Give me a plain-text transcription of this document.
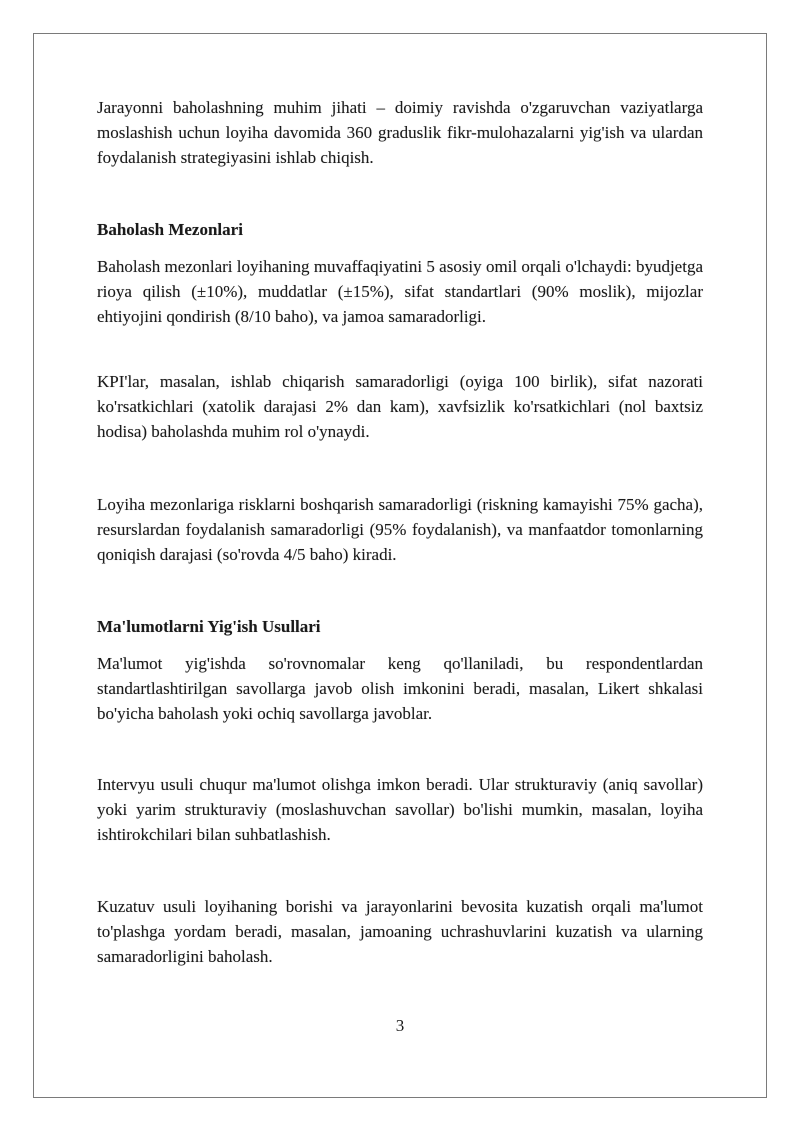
Jarayonni baholashning muhim jihati – doimiy ravishda o'zgaruvchan vaziyatlarga moslashish uchun loyiha davomida 360 graduslik fikr-mulohazalarni yig'ish va ulardan foydalanish strategiyasini ishlab chiqish.

Baholash Mezonlari

Baholash mezonlari loyihaning muvaffaqiyatini 5 asosiy omil orqali o'lchaydi: byudjetga rioya qilish (±10%), muddatlar (±15%), sifat standartlari (90% moslik), mijozlar ehtiyojini qondirish (8/10 baho), va jamoa samaradorligi.

KPI'lar, masalan, ishlab chiqarish samaradorligi (oyiga 100 birlik), sifat nazorati ko'rsatkichlari (xatolik darajasi 2% dan kam), xavfsizlik ko'rsatkichlari (nol baxtsiz hodisa) baholashda muhim rol o'ynaydi.

Loyiha mezonlariga risklarni boshqarish samaradorligi (riskning kamayishi 75% gacha), resurslardan foydalanish samaradorligi (95% foydalanish), va manfaatdor tomonlarning qoniqish darajasi (so'rovda 4/5 baho) kiradi.

Ma'lumotlarni Yig'ish Usullari

Ma'lumot yig'ishda so'rovnomalar keng qo'llaniladi, bu respondentlardan standartlashtirilgan savollarga javob olish imkonini beradi, masalan, Likert shkalasi bo'yicha baholash yoki ochiq savollarga javoblar.

Intervyu usuli chuqur ma'lumot olishga imkon beradi. Ular strukturaviy (aniq savollar) yoki yarim strukturaviy (moslashuvchan savollar) bo'lishi mumkin, masalan, loyiha ishtirokchilari bilan suhbatlashish.

Kuzatuv usuli loyihaning borishi va jarayonlarini bevosita kuzatish orqali ma'lumot to'plashga yordam beradi, masalan, jamoaning uchrashuvlarini kuzatish va ularning samaradorligini baholash.

3
